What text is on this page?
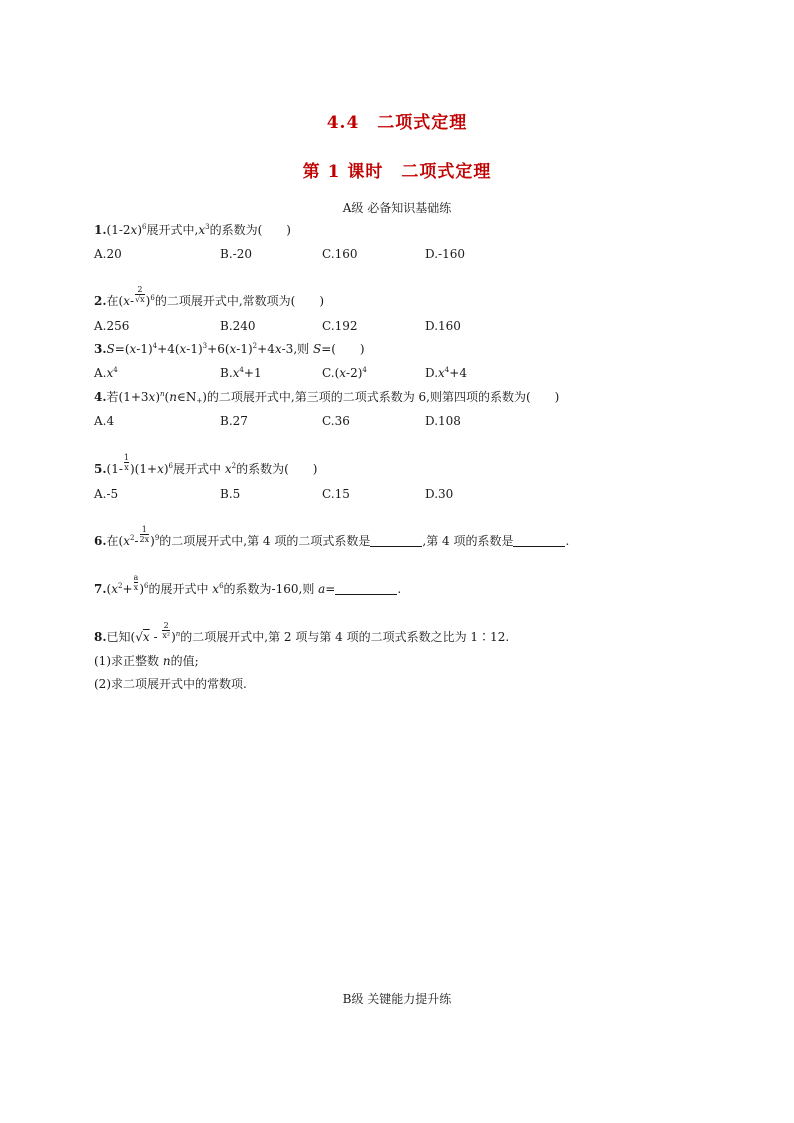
4.4　二项式定理
第 1 课时　二项式定理
A级 必备知识基础练
$1.(1-2x)^6$展开式中$,x^3$的系数为(　　)
A.20	B.-20	C.160	D.-160
2.在$(x- \frac{2}{√x} )^6$的二项展开式中,常数项为(　　)
A.256	B.240	C.192	D.160
$3.S=(x-1)^4+4(x-1)^3+6(x-1)^2+4x-3$,则 S=(　　)
$A.x^4$	$B.x^4+1$	$C.(x-2)^4$	$D.x^4+4$
4.若$(1+3x)^n(n\in N_+)$的二项展开式中,第三项的二项式系数为 6,则第四项的系数为(　　)
A.4	B.27	C.36	D.108
$5.(1- \frac{1}{x} )(1+x)^6$展开式中 $x^2$的系数为(　　)
A.-5	B.5	C.15	D.30
6.在$(x^2- \frac{1}{2x} )^9$的二项展开式中,第 4 项的二项式系数是	,第 4 项的系数是	.
$7.(x^2+ \frac{a}{x} )^6$的展开式中 $x^6$的系数为-160,则 a=	.
8.已知$(√x - \frac{2}{\text{x²}} )^n$的二项展开式中,第 2 项与第 4 项的二项式系数之比为 1∶12.
(1)求正整数 n的值;
(2)求二项展开式中的常数项.
B级 关键能力提升练
